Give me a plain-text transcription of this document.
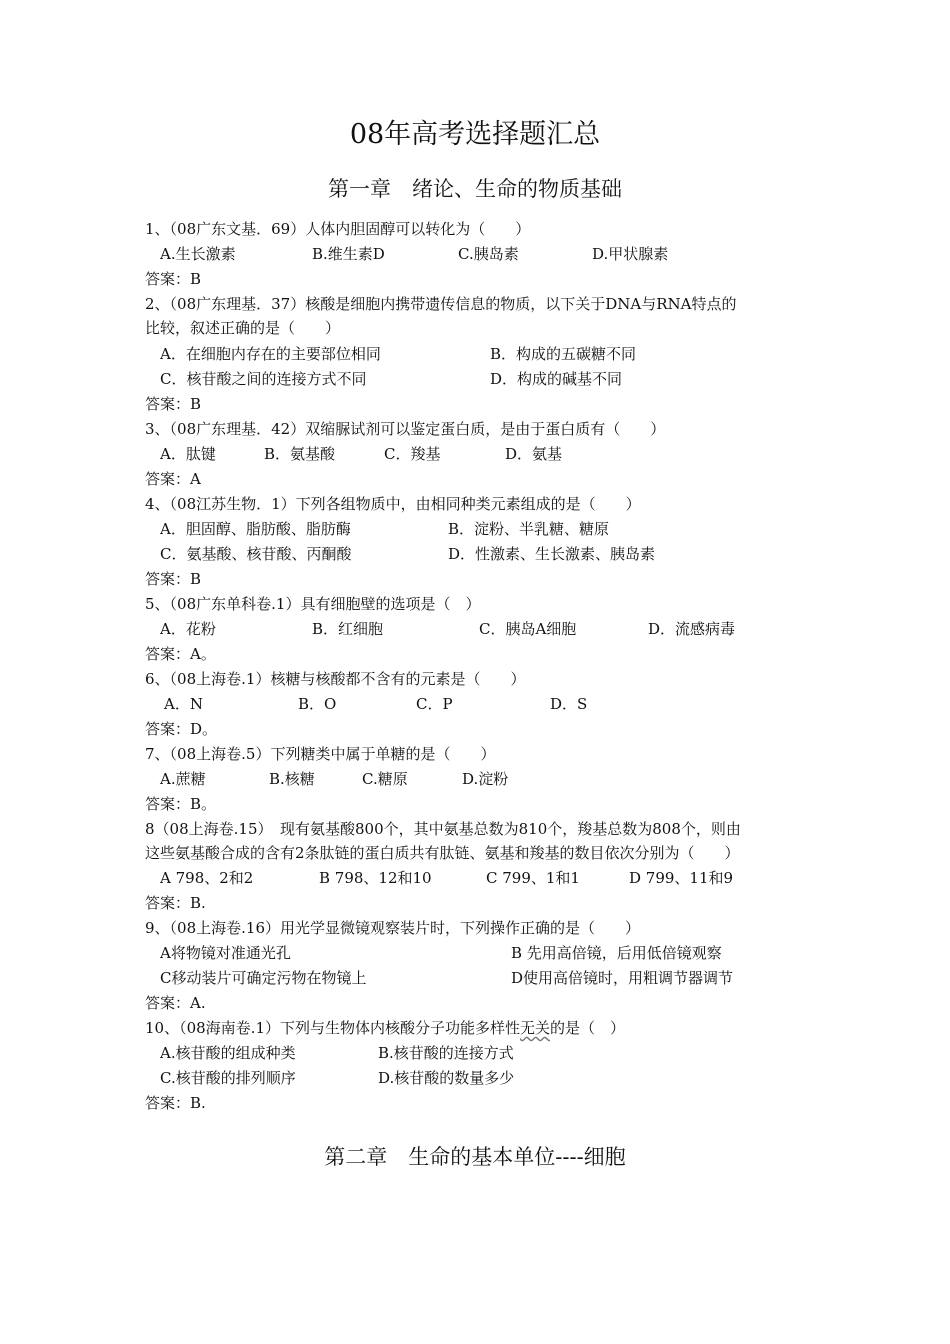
08年高考选择题汇总
第一章　绪论、生命的物质基础
1、（08广东文基．69）人体内胆固醇可以转化为（　　）
A.生长激素	B.维生素D	C.胰岛素	D.甲状腺素
答案：B
2、（08广东理基．37）核酸是细胞内携带遗传信息的物质，以下关于DNA与RNA特点的
比较，叙述正确的是（　　）
A．在细胞内存在的主要部位相同	B．构成的五碳糖不同
C．核苷酸之间的连接方式不同	D．构成的碱基不同
答案：B
3、（08广东理基．42）双缩脲试剂可以鉴定蛋白质，是由于蛋白质有（　　）
A．肽键	B．氨基酸	C．羧基	D．氨基
答案：A
4、（08江苏生物．1）下列各组物质中，由相同种类元素组成的是（　　）
A．胆固醇、脂肪酸、脂肪酶	B．淀粉、半乳糖、糖原
C．氨基酸、核苷酸、丙酮酸	D．性激素、生长激素、胰岛素
答案：B
5、（08广东单科卷.1）具有细胞壁的选项是（　）
A．花粉	B．红细胞	C．胰岛A细胞	D．流感病毒
答案：A。
6、（08上海卷.1）核糖与核酸都不含有的元素是（　　）
A．N	B．O	C．P	D．S
答案：D。
7、（08上海卷.5）下列糖类中属于单糖的是（　　）
A.蔗糖	B.核糖	C.糖原	D.淀粉
答案：B。
8（08上海卷.15）　现有氨基酸800个，其中氨基总数为810个，羧基总数为808个，则由
这些氨基酸合成的含有2条肽链的蛋白质共有肽链、氨基和羧基的数目依次分别为（　　）
A 798、2和2	B 798、12和10	C 799、1和1	D 799、11和9
答案：B.
9、（08上海卷.16）用光学显微镜观察装片时，下列操作正确的是（　　）
A将物镜对准通光孔	B 先用高倍镜，后用低倍镜观察
C移动装片可确定污物在物镜上	D使用高倍镜时，用粗调节器调节
答案：A.
10、（08海南卷.1）下列与生物体内核酸分子功能多样性无关的是（　）
A.核苷酸的组成种类	B.核苷酸的连接方式
C.核苷酸的排列顺序	D.核苷酸的数量多少
答案：B.
第二章　生命的基本单位----细胞
